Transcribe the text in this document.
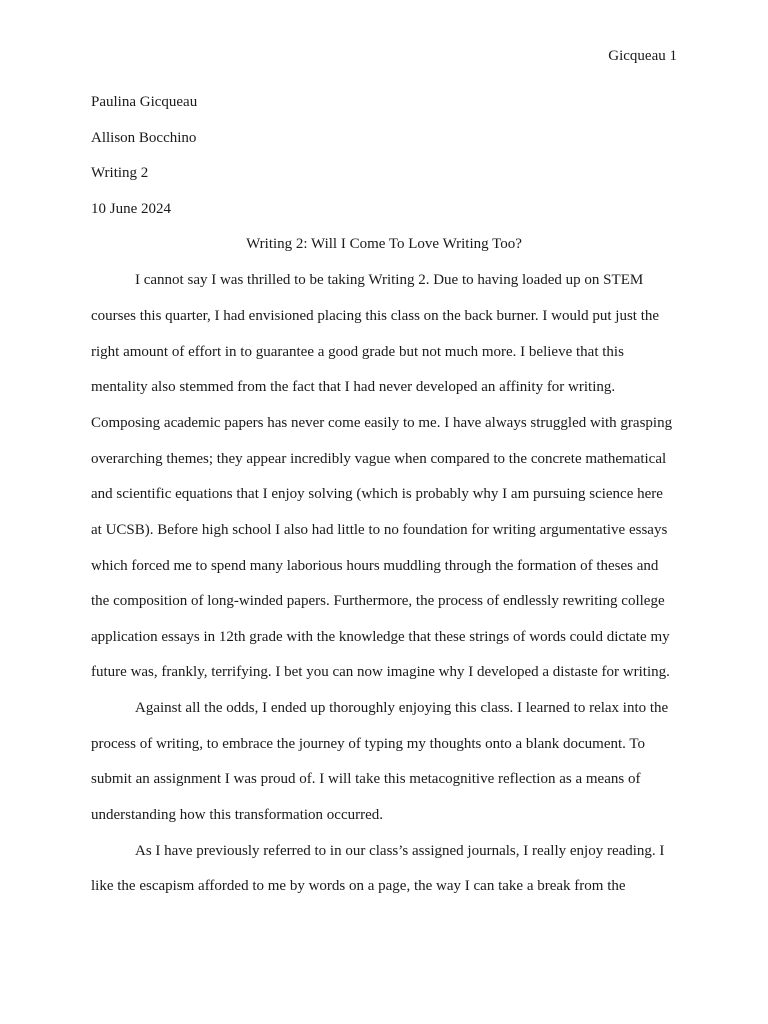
Gicqueau 1
Paulina Gicqueau
Allison Bocchino
Writing 2
10 June 2024
Writing 2: Will I Come To Love Writing Too?
I cannot say I was thrilled to be taking Writing 2. Due to having loaded up on STEM
courses this quarter, I had envisioned placing this class on the back burner. I would put just the
right amount of effort in to guarantee a good grade but not much more. I believe that this
mentality also stemmed from the fact that I had never developed an affinity for writing.
Composing academic papers has never come easily to me. I have always struggled with grasping
overarching themes; they appear incredibly vague when compared to the concrete mathematical
and scientific equations that I enjoy solving (which is probably why I am pursuing science here
at UCSB). Before high school I also had little to no foundation for writing argumentative essays
which forced me to spend many laborious hours muddling through the formation of theses and
the composition of long-winded papers. Furthermore, the process of endlessly rewriting college
application essays in 12th grade with the knowledge that these strings of words could dictate my
future was, frankly, terrifying. I bet you can now imagine why I developed a distaste for writing.
Against all the odds, I ended up thoroughly enjoying this class. I learned to relax into the
process of writing, to embrace the journey of typing my thoughts onto a blank document. To
submit an assignment I was proud of. I will take this metacognitive reflection as a means of
understanding how this transformation occurred.
As I have previously referred to in our class’s assigned journals, I really enjoy reading. I
like the escapism afforded to me by words on a page, the way I can take a break from the
